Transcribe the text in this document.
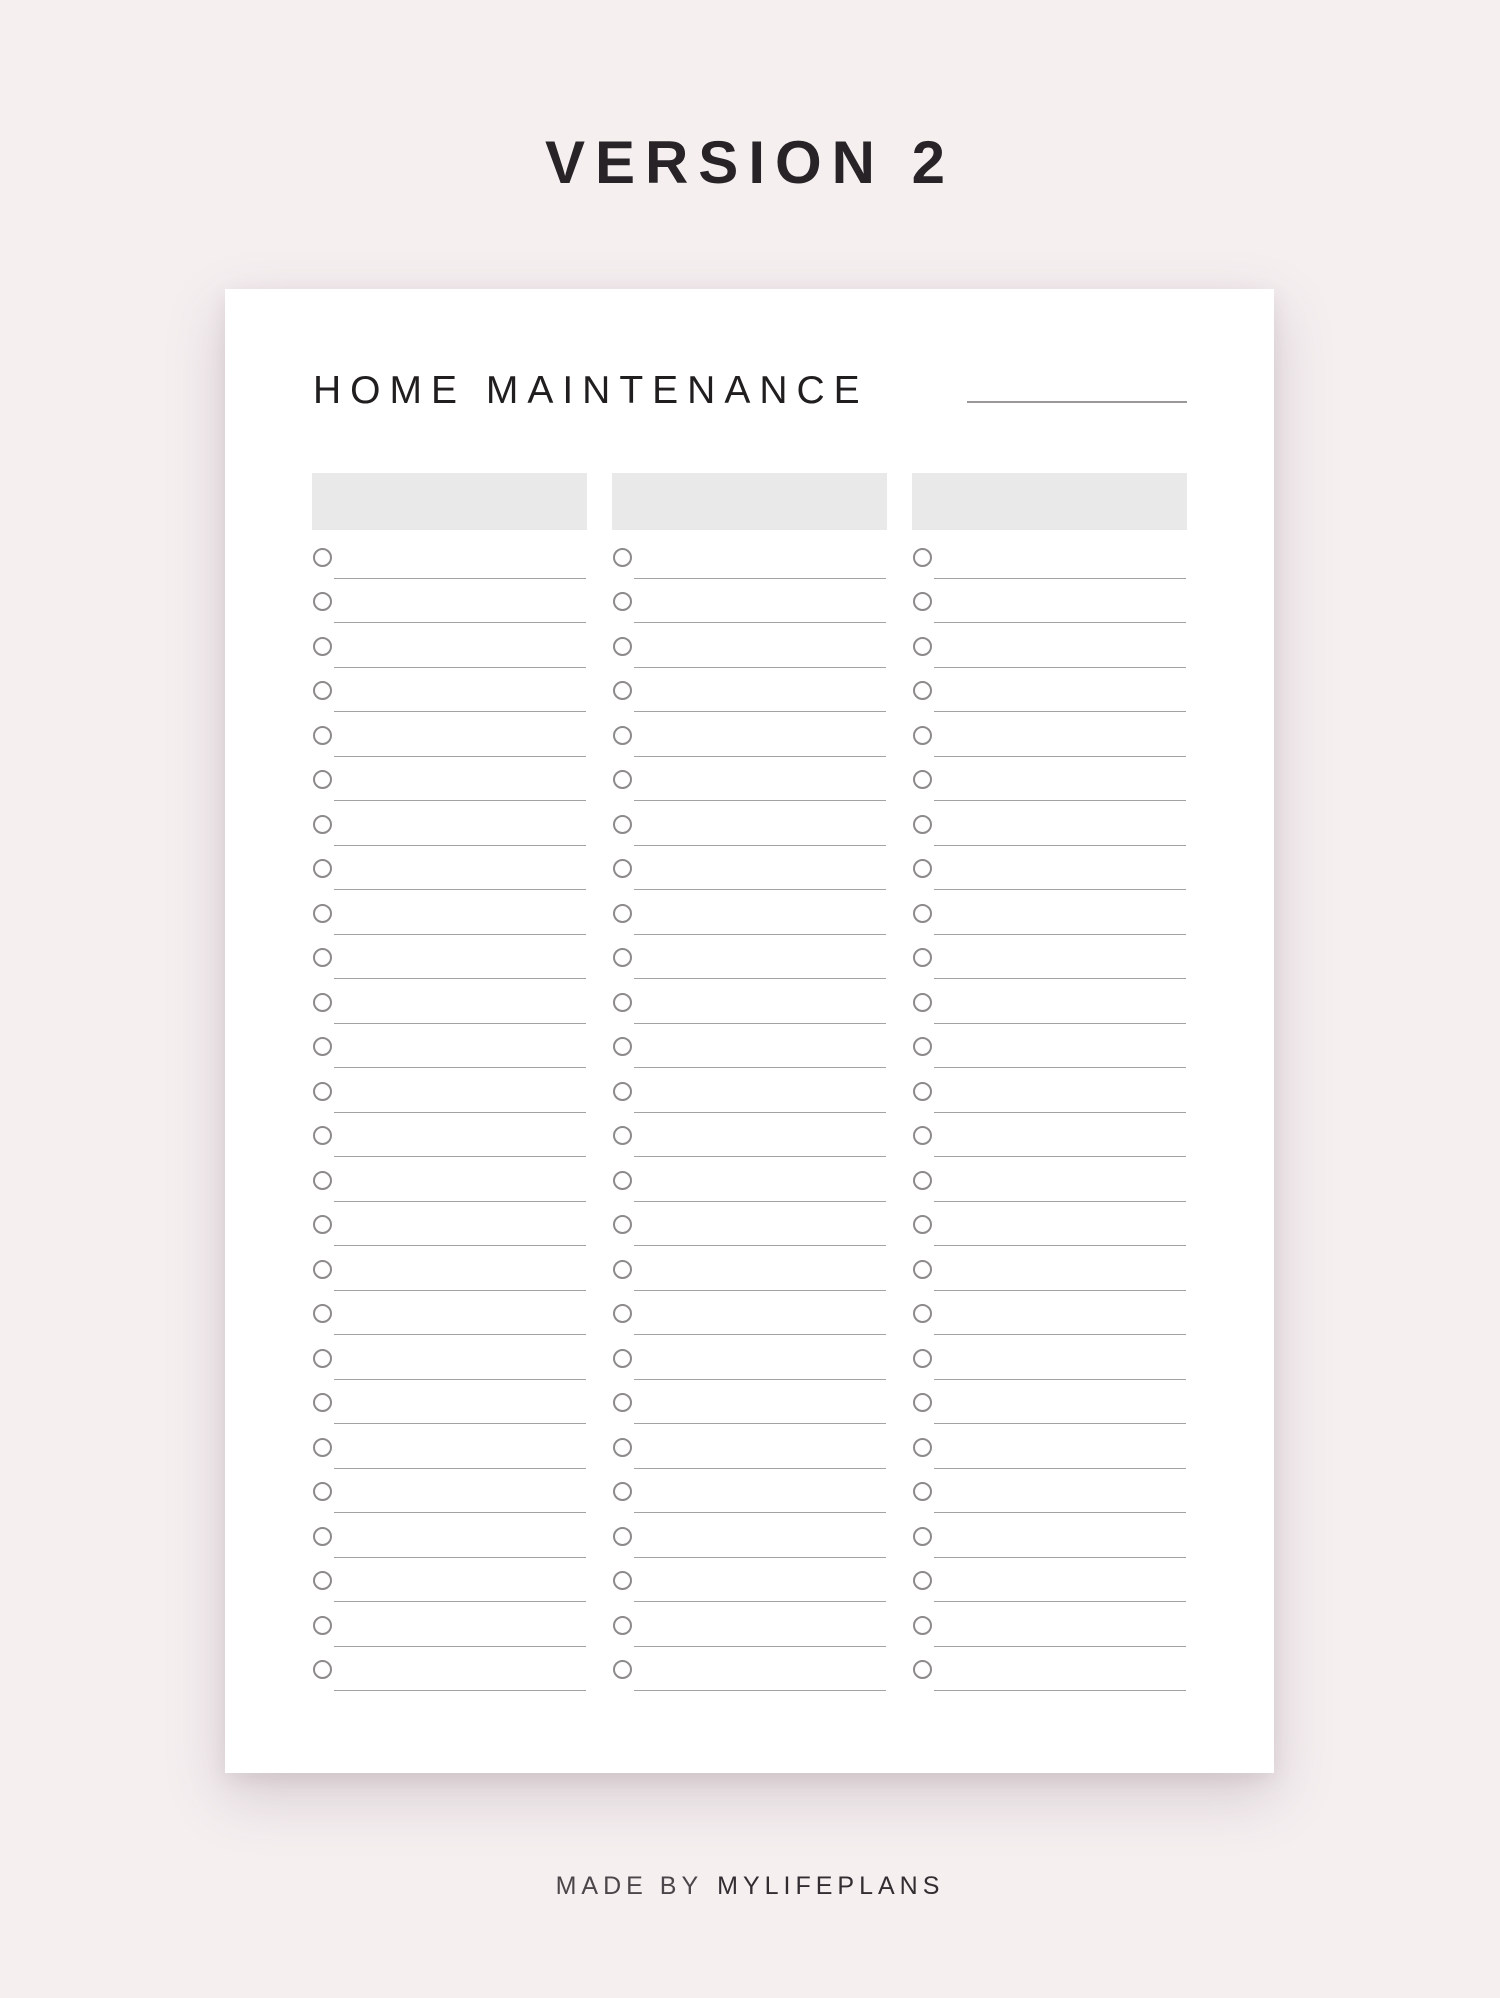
VERSION 2
HOME MAINTENANCE
MADE BY MYLIFEPLANS
